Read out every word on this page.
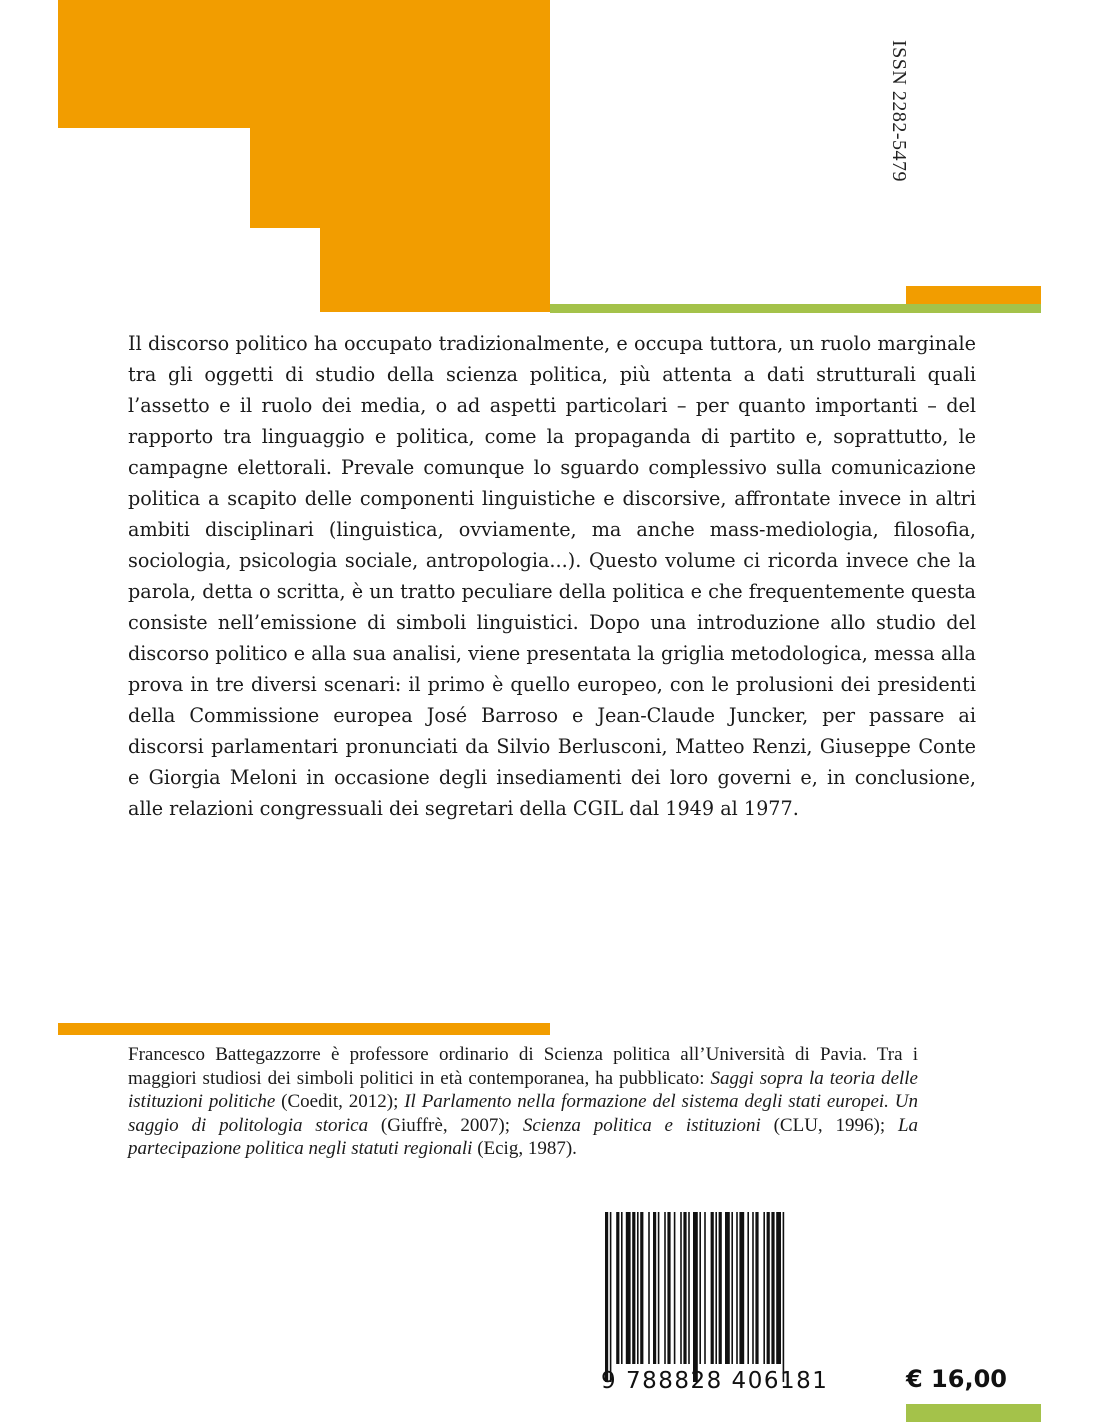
ISSN 2282-5479

Il discorso politico ha occupato tradizionalmente, e occupa tuttora, un ruolo marginale tra gli oggetti di studio della scienza politica, più attenta a dati strutturali quali l’assetto e il ruolo dei media, o ad aspetti particolari – per quanto importanti – del rapporto tra linguaggio e politica, come la propaganda di partito e, soprattutto, le campagne elettorali. Prevale comunque lo sguardo complessivo sulla comunicazione politica a scapito delle componenti linguistiche e discorsive, affrontate invece in altri ambiti disciplinari (linguistica, ovviamente, ma anche mass-mediologia, filosofia, sociologia, psicologia sociale, antropologia...). Questo volume ci ricorda invece che la parola, detta o scritta, è un tratto peculiare della politica e che frequentemente questa consiste nell’emissione di simboli linguistici. Dopo una introduzione allo studio del discorso politico e alla sua analisi, viene presentata la griglia metodologica, messa alla prova in tre diversi scenari: il primo è quello europeo, con le prolusioni dei presidenti della Commissione europea José Barroso e Jean-Claude Juncker, per passare ai discorsi parlamentari pronunciati da Silvio Berlusconi, Matteo Renzi, Giuseppe Conte e Giorgia Meloni in occasione degli insediamenti dei loro governi e, in conclusione, alle relazioni congressuali dei segretari della CGIL dal 1949 al 1977.

Francesco Battegazzorre è professore ordinario di Scienza politica all’Università di Pavia. Tra i maggiori studiosi dei simboli politici in età contemporanea, ha pubblicato: Saggi sopra la teoria delle istituzioni politiche (Coedit, 2012); Il Parlamento nella formazione del sistema degli stati europei. Un saggio di politologia storica (Giuffrè, 2007); Scienza politica e istituzioni (CLU, 1996); La partecipazione politica negli statuti regionali (Ecig, 1987).

9 788828 406181	€ 16,00
